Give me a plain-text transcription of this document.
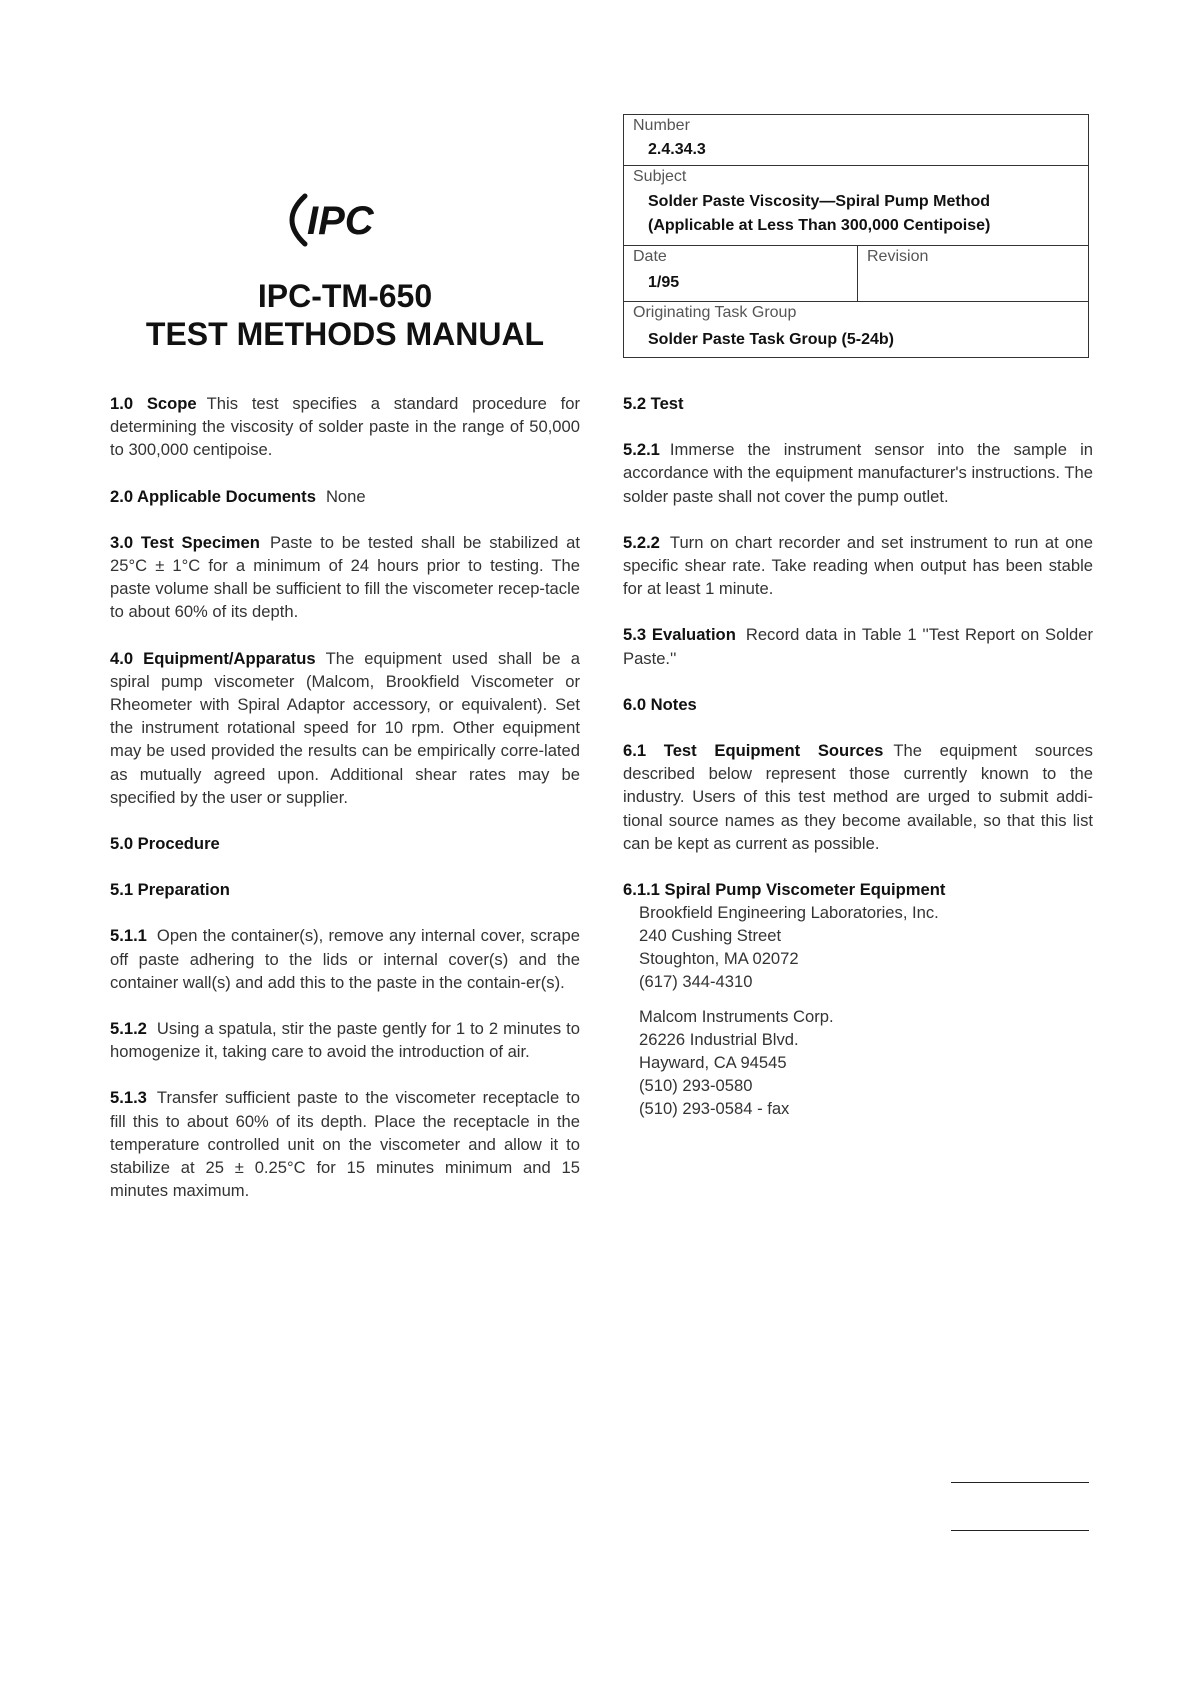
IPC
IPC-TM-650
TEST METHODS MANUAL
Number
2.4.34.3
Subject
Solder Paste Viscosity—Spiral Pump Method
(Applicable at Less Than 300,000 Centipoise)
Date
1/95
Revision
Originating Task Group
Solder Paste Task Group (5-24b)

1.0 Scope This test specifies a standard procedure for determining the viscosity of solder paste in the range of 50,000 to 300,000 centipoise.

2.0 Applicable Documents None

3.0 Test Specimen Paste to be tested shall be stabilized at 25°C ± 1°C for a minimum of 24 hours prior to testing. The paste volume shall be sufficient to fill the viscometer recep-tacle to about 60% of its depth.

4.0 Equipment/Apparatus The equipment used shall be a spiral pump viscometer (Malcom, Brookfield Viscometer or Rheometer with Spiral Adaptor accessory, or equivalent). Set the instrument rotational speed for 10 rpm. Other equipment may be used provided the results can be empirically corre-lated as mutually agreed upon. Additional shear rates may be specified by the user or supplier.

5.0 Procedure

5.1 Preparation

5.1.1 Open the container(s), remove any internal cover, scrape off paste adhering to the lids or internal cover(s) and the container wall(s) and add this to the paste in the contain-er(s).

5.1.2 Using a spatula, stir the paste gently for 1 to 2 minutes to homogenize it, taking care to avoid the introduction of air.

5.1.3 Transfer sufficient paste to the viscometer receptacle to fill this to about 60% of its depth. Place the receptacle in the temperature controlled unit on the viscometer and allow it to stabilize at 25 ± 0.25°C for 15 minutes minimum and 15 minutes maximum.

5.2 Test

5.2.1 Immerse the instrument sensor into the sample in accordance with the equipment manufacturer's instructions. The solder paste shall not cover the pump outlet.

5.2.2 Turn on chart recorder and set instrument to run at one specific shear rate. Take reading when output has been stable for at least 1 minute.

5.3 Evaluation Record data in Table 1 ''Test Report on Solder Paste.''

6.0 Notes

6.1 Test Equipment Sources The equipment sources described below represent those currently known to the industry. Users of this test method are urged to submit addi-tional source names as they become available, so that this list can be kept as current as possible.

6.1.1 Spiral Pump Viscometer Equipment

Brookfield Engineering Laboratories, Inc.
240 Cushing Street
Stoughton, MA 02072
(617) 344-4310
Malcom Instruments Corp.
26226 Industrial Blvd.
Hayward, CA 94545
(510) 293-0580
(510) 293-0584 - fax
